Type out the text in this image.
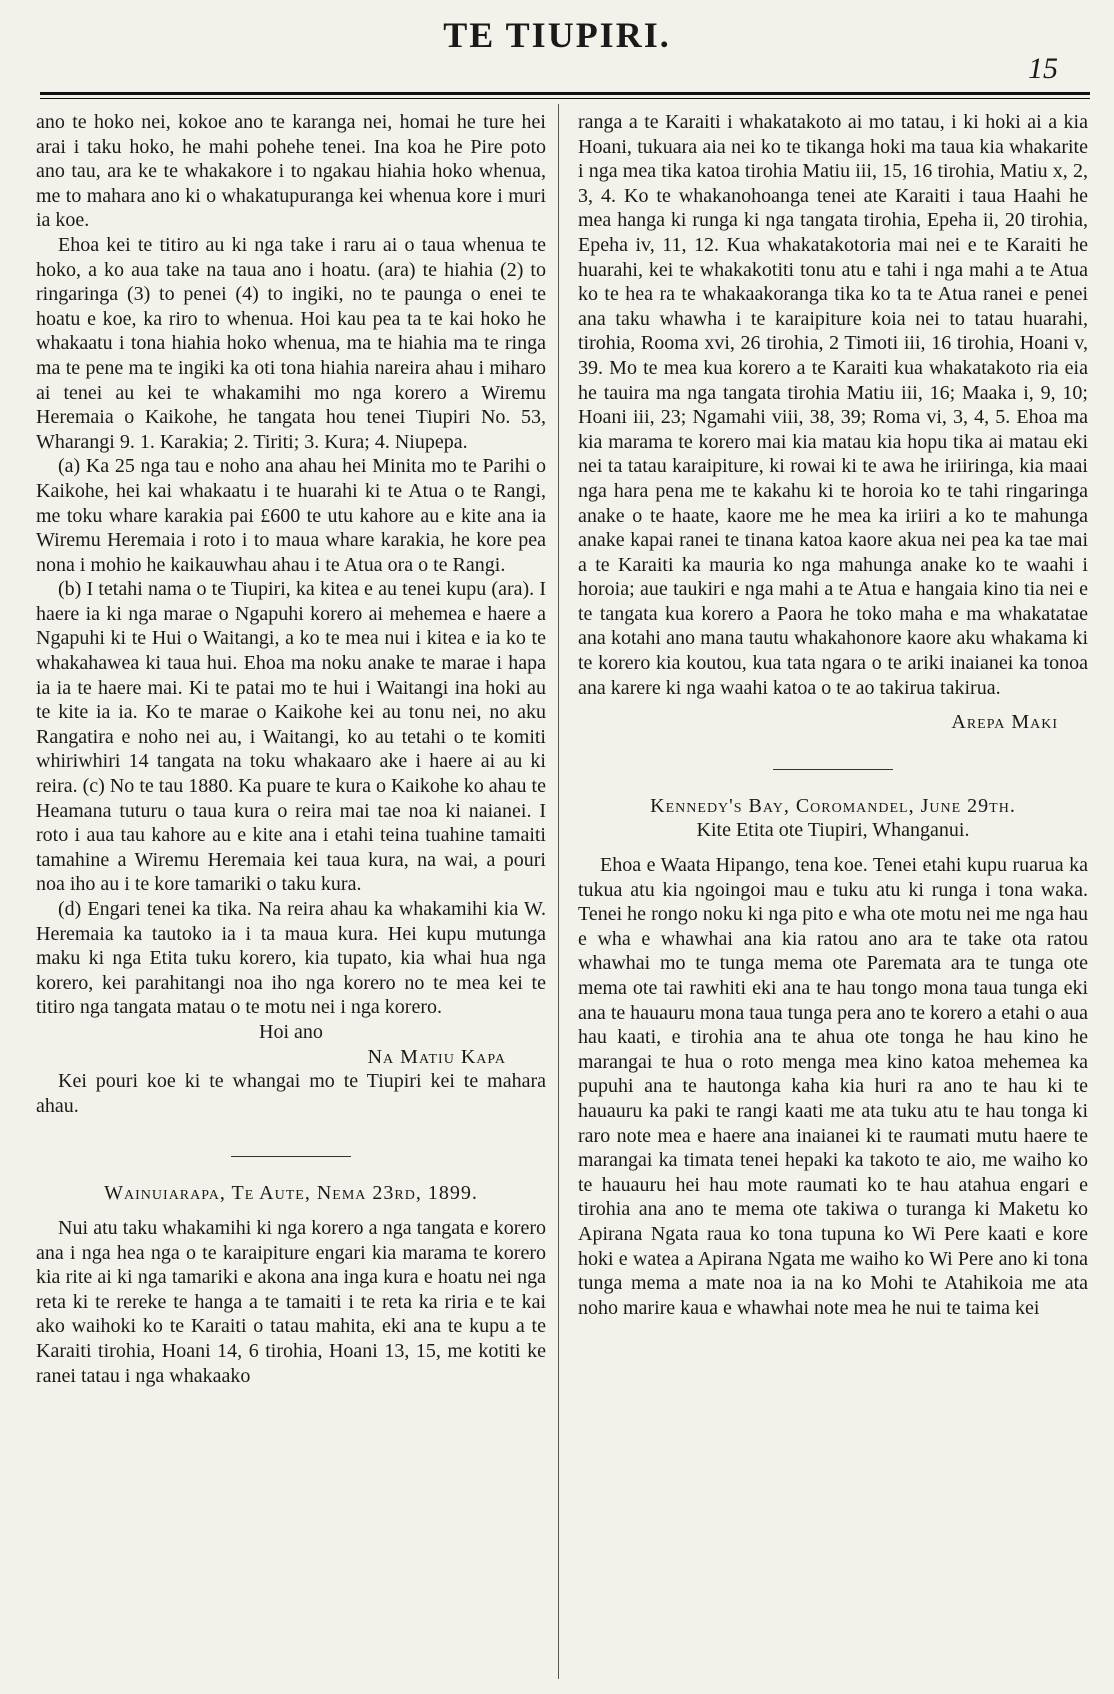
TE TIUPIRI.
15

ano te hoko nei, kokoe ano te karanga nei, homai he ture hei arai i taku hoko, he mahi pohehe tenei. Ina koa he Pire poto ano tau, ara ke te whakakore i to ngakau hiahia hoko whenua, me to mahara ano ki o whakatupuranga kei whenua kore i muri ia koe.

Ehoa kei te titiro au ki nga take i raru ai o taua whenua te hoko, a ko aua take na taua ano i hoatu. (ara) te hiahia (2) to ringaringa (3) to penei (4) to ingiki, no te paunga o enei te hoatu e koe, ka riro to whenua. Hoi kau pea ta te kai hoko he whakaatu i tona hiahia hoko whenua, ma te hiahia ma te ringa ma te pene ma te ingiki ka oti tona hiahia nareira ahau i miharo ai tenei au kei te whakamihi mo nga korero a Wiremu Heremaia o Kaikohe, he tangata hou tenei Tiupiri No. 53, Wharangi 9. 1. Karakia; 2. Tiriti; 3. Kura; 4. Niupepa.

(a) Ka 25 nga tau e noho ana ahau hei Minita mo te Parihi o Kaikohe, hei kai whakaatu i te huarahi ki te Atua o te Rangi, me toku whare karakia pai £600 te utu kahore au e kite ana ia Wiremu Heremaia i roto i to maua whare karakia, he kore pea nona i mohio he kaikauwhau ahau i te Atua ora o te Rangi.

(b) I tetahi nama o te Tiupiri, ka kitea e au tenei kupu (ara). I haere ia ki nga marae o Ngapuhi korero ai mehemea e haere a Ngapuhi ki te Hui o Waitangi, a ko te mea nui i kitea e ia ko te whakahawea ki taua hui. Ehoa ma noku anake te marae i hapa ia ia te haere mai. Ki te patai mo te hui i Waitangi ina hoki au te kite ia ia. Ko te marae o Kaikohe kei au tonu nei, no aku Rangatira e noho nei au, i Waitangi, ko au tetahi o te komiti whiriwhiri 14 tangata na toku whakaaro ake i haere ai au ki reira. (c) No te tau 1880. Ka puare te kura o Kaikohe ko ahau te Heamana tuturu o taua kura o reira mai tae noa ki naianei. I roto i aua tau kahore au e kite ana i etahi teina tuahine tamaiti tamahine a Wiremu Heremaia kei taua kura, na wai, a pouri noa iho au i te kore tamariki o taku kura.

(d) Engari tenei ka tika. Na reira ahau ka whakamihi kia W. Heremaia ka tautoko ia i ta maua kura. Hei kupu mutunga maku ki nga Etita tuku korero, kia tupato, kia whai hua nga korero, kei parahitangi noa iho nga korero no te mea kei te titiro nga tangata matau o te motu nei i nga korero.

Hoi ano

Na Matiu Kapa

Kei pouri koe ki te whangai mo te Tiupiri kei te mahara ahau.

Wainuiarapa, Te Aute, Nema 23rd, 1899.

Nui atu taku whakamihi ki nga korero a nga tangata e korero ana i nga hea nga o te karaipiture engari kia marama te korero kia rite ai ki nga tamariki e akona ana inga kura e hoatu nei nga reta ki te rereke te hanga a te tamaiti i te reta ka riria e te kai ako waihoki ko te Karaiti o tatau mahita, eki ana te kupu a te Karaiti tirohia, Hoani 14, 6 tirohia, Hoani 13, 15, me kotiti ke ranei tatau i nga whakaako

ranga a te Karaiti i whakatakoto ai mo tatau, i ki hoki ai a kia Hoani, tukuara aia nei ko te tikanga hoki ma taua kia whakarite i nga mea tika katoa tirohia Matiu iii, 15, 16 tirohia, Matiu x, 2, 3, 4. Ko te whakanohoanga tenei ate Karaiti i taua Haahi he mea hanga ki runga ki nga tangata tirohia, Epeha ii, 20 tirohia, Epeha iv, 11, 12. Kua whakatakotoria mai nei e te Karaiti he huarahi, kei te whakakotiti tonu atu e tahi i nga mahi a te Atua ko te hea ra te whakaakoranga tika ko ta te Atua ranei e penei ana taku whawha i te karaipiture koia nei to tatau huarahi, tirohia, Rooma xvi, 26 tirohia, 2 Timoti iii, 16 tirohia, Hoani v, 39. Mo te mea kua korero a te Karaiti kua whakatakoto ria eia he tauira ma nga tangata tirohia Matiu iii, 16; Maaka i, 9, 10; Hoani iii, 23; Ngamahi viii, 38, 39; Roma vi, 3, 4, 5. Ehoa ma kia marama te korero mai kia matau kia hopu tika ai matau eki nei ta tatau karaipiture, ki rowai ki te awa he iriiringa, kia maai nga hara pena me te kakahu ki te horoia ko te tahi ringaringa anake o te haate, kaore me he mea ka iriiri a ko te mahunga anake kapai ranei te tinana katoa kaore akua nei pea ka tae mai a te Karaiti ka mauria ko nga mahunga anake ko te waahi i horoia; aue taukiri e nga mahi a te Atua e hangaia kino tia nei e te tangata kua korero a Paora he toko maha e ma whakatatae ana kotahi ano mana tautu whakahonore kaore aku whakama ki te korero kia koutou, kua tata ngara o te ariki inaianei ka tonoa ana karere ki nga waahi katoa o te ao takirua takirua.

Arepa Maki

Kennedy's Bay, Coromandel, June 29th.

Kite Etita ote Tiupiri, Whanganui.

Ehoa e Waata Hipango, tena koe. Tenei etahi kupu ruarua ka tukua atu kia ngoingoi mau e tuku atu ki runga i tona waka. Tenei he rongo noku ki nga pito e wha ote motu nei me nga hau e wha e whawhai ana kia ratou ano ara te take ota ratou whawhai mo te tunga mema ote Paremata ara te tunga ote mema ote tai rawhiti eki ana te hau tongo mona taua tunga eki ana te hauauru mona taua tunga pera ano te korero a etahi o aua hau kaati, e tirohia ana te ahua ote tonga he hau kino he marangai te hua o roto menga mea kino katoa mehemea ka pupuhi ana te hautonga kaha kia huri ra ano te hau ki te hauauru ka paki te rangi kaati me ata tuku atu te hau tonga ki raro note mea e haere ana inaianei ki te raumati mutu haere te marangai ka timata tenei hepaki ka takoto te aio, me waiho ko te hauauru hei hau mote raumati ko te hau atahua engari e tirohia ana ano te mema ote takiwa o turanga ki Maketu ko Apirana Ngata raua ko tona tupuna ko Wi Pere kaati e kore hoki e watea a Apirana Ngata me waiho ko Wi Pere ano ki tona tunga mema a mate noa ia na ko Mohi te Atahikoia me ata noho marire kaua e whawhai note mea he nui te taima kei
